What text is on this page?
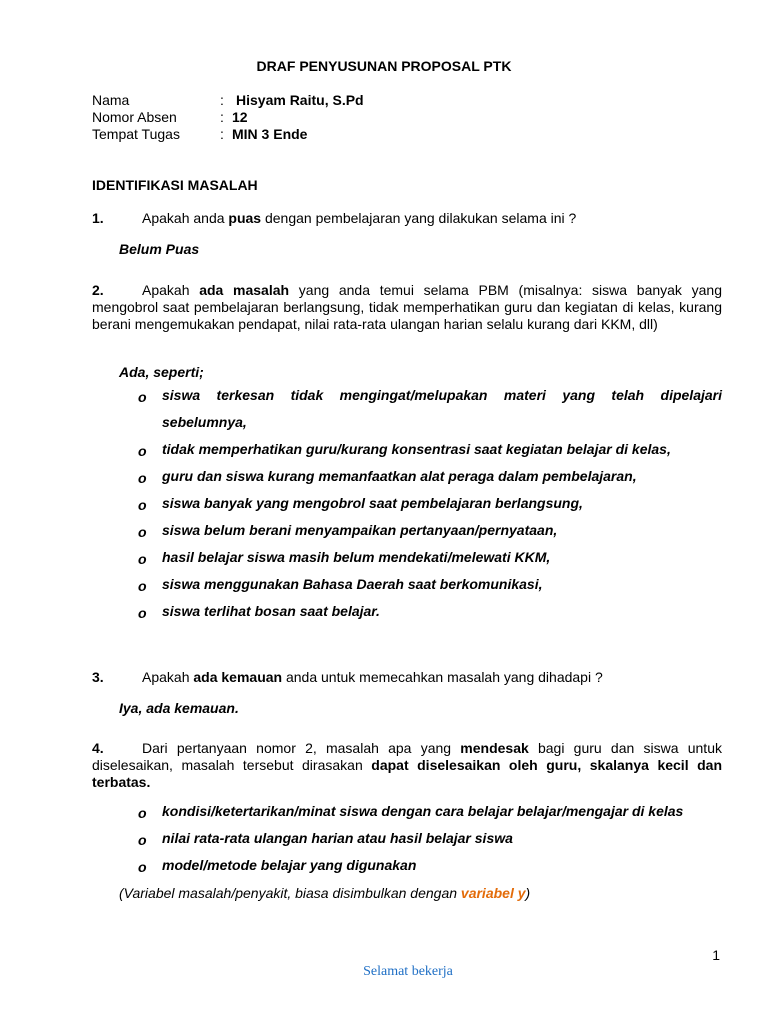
DRAF PENYUSUNAN PROPOSAL PTK
Nama	: Hisyam Raitu, S.Pd
Nomor Absen	: 12
Tempat Tugas	: MIN 3 Ende
IDENTIFIKASI MASALAH
1.	Apakah anda puas dengan pembelajaran yang dilakukan selama ini ?
Belum Puas
2.	Apakah ada masalah yang anda temui selama PBM (misalnya: siswa banyak yang mengobrol saat pembelajaran berlangsung, tidak memperhatikan guru dan kegiatan di kelas, kurang berani mengemukakan pendapat, nilai rata-rata ulangan harian selalu kurang dari KKM, dll)
Ada, seperti;
o siswa terkesan tidak mengingat/melupakan materi yang telah dipelajari sebelumnya,
o tidak memperhatikan guru/kurang konsentrasi saat kegiatan belajar di kelas,
o guru dan siswa kurang memanfaatkan alat peraga dalam pembelajaran,
o siswa banyak yang mengobrol saat pembelajaran berlangsung,
o siswa belum berani menyampaikan pertanyaan/pernyataan,
o hasil belajar siswa masih belum mendekati/melewati KKM,
o siswa menggunakan Bahasa Daerah saat berkomunikasi,
o siswa terlihat bosan saat belajar.
3.	Apakah ada kemauan anda untuk memecahkan masalah yang dihadapi ?
Iya, ada kemauan.
4.	Dari pertanyaan nomor 2, masalah apa yang mendesak bagi guru dan siswa untuk diselesaikan, masalah tersebut dirasakan dapat diselesaikan oleh guru, skalanya kecil dan terbatas.
o kondisi/ketertarikan/minat siswa dengan cara belajar belajar/mengajar di kelas
o nilai rata-rata ulangan harian atau hasil belajar siswa
o model/metode belajar yang digunakan
(Variabel masalah/penyakit, biasa disimbulkan dengan variabel y)
1
Selamat bekerja
